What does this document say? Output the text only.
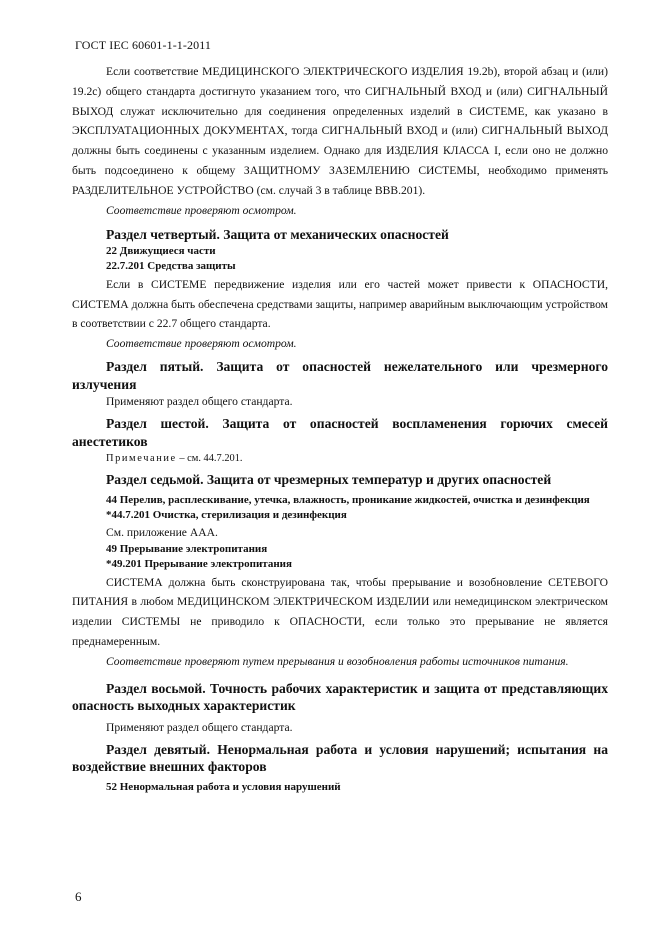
ГОСТ IEC 60601-1-1-2011

Если соответствие МЕДИЦИНСКОГО ЭЛЕКТРИЧЕСКОГО ИЗДЕЛИЯ 19.2b), второй абзац и (или) 19.2c) общего стандарта достигнуто указанием того, что СИГНАЛЬНЫЙ ВХОД и (или) СИГНАЛЬНЫЙ ВЫХОД служат исключительно для соединения определенных изделий в СИСТЕМЕ, как указано в ЭКСПЛУАТАЦИОННЫХ ДОКУМЕНТАХ, тогда СИГНАЛЬНЫЙ ВХОД и (или) СИГНАЛЬНЫЙ ВЫХОД должны быть соединены с указанным изделием. Однако для ИЗДЕЛИЯ КЛАССА I, если оно не должно быть подсоединено к общему ЗАЩИТНОМУ ЗАЗЕМЛЕНИЮ СИСТЕМЫ, необходимо применять РАЗДЕЛИТЕЛЬНОЕ УСТРОЙСТВО (см. случай 3 в таблице ВВВ.201).

Соответствие проверяют осмотром.

Раздел четвертый. Защита от механических опасностей

22 Движущиеся части

22.7.201 Средства защиты

Если в СИСТЕМЕ передвижение изделия или его частей может привести к ОПАСНОСТИ, СИСТЕМА должна быть обеспечена средствами защиты, например аварийным выключающим устройством в соответствии с 22.7 общего стандарта.

Соответствие проверяют осмотром.

Раздел пятый. Защита от опасностей нежелательного или чрезмерного излучения

Применяют раздел общего стандарта.

Раздел шестой. Защита от опасностей воспламенения горючих смесей анестетиков

Примечание – см. 44.7.201.

Раздел седьмой. Защита от чрезмерных температур и других опасностей

44 Перелив, расплескивание, утечка, влажность, проникание жидкостей, очистка и дезинфекция

*44.7.201 Очистка, стерилизация и дезинфекция

См. приложение ААА.

49 Прерывание электропитания

*49.201 Прерывание электропитания

СИСТЕМА должна быть сконструирована так, чтобы прерывание и возобновление СЕТЕВОГО ПИТАНИЯ в любом МЕДИЦИНСКОМ ЭЛЕКТРИЧЕСКОМ ИЗДЕЛИИ или немедицинском электрическом изделии СИСТЕМЫ не приводило к ОПАСНОСТИ, если только это прерывание не является преднамеренным.

Соответствие проверяют путем прерывания и возобновления работы источников питания.

Раздел восьмой. Точность рабочих характеристик и защита от представляющих опасность выходных характеристик

Применяют раздел общего стандарта.

Раздел девятый. Ненормальная работа и условия нарушений; испытания на воздействие внешних факторов

52 Ненормальная работа и условия нарушений

6
